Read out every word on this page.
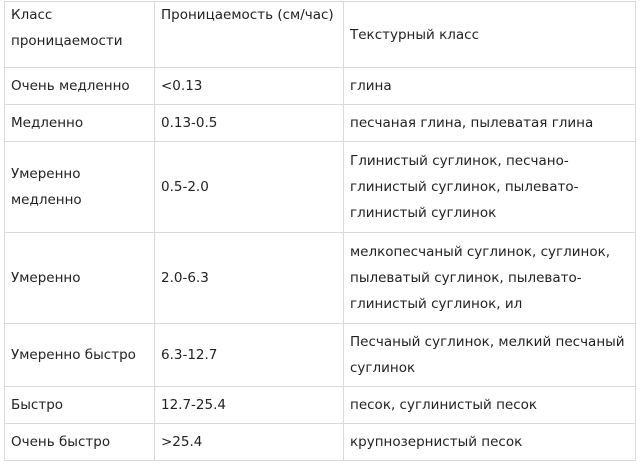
Класс проницаемости	Проницаемость (см/час)	Текстурный класс
Очень медленно	<0.13	глина
Медленно	0.13-0.5	песчаная глина, пылеватая глина
Умеренно медленно	0.5-2.0	Глинистый суглинок, песчано-глинистый суглинок, пылевато-глинистый суглинок
Умеренно	2.0-6.3	мелкопесчаный суглинок, суглинок, пылеватый суглинок, пылевато-глинистый суглинок, ил
Умеренно быстро	6.3-12.7	Песчаный суглинок, мелкий песчаный суглинок
Быстро	12.7-25.4	песок, суглинистый песок
Очень быстро	>25.4	крупнозернистый песок
